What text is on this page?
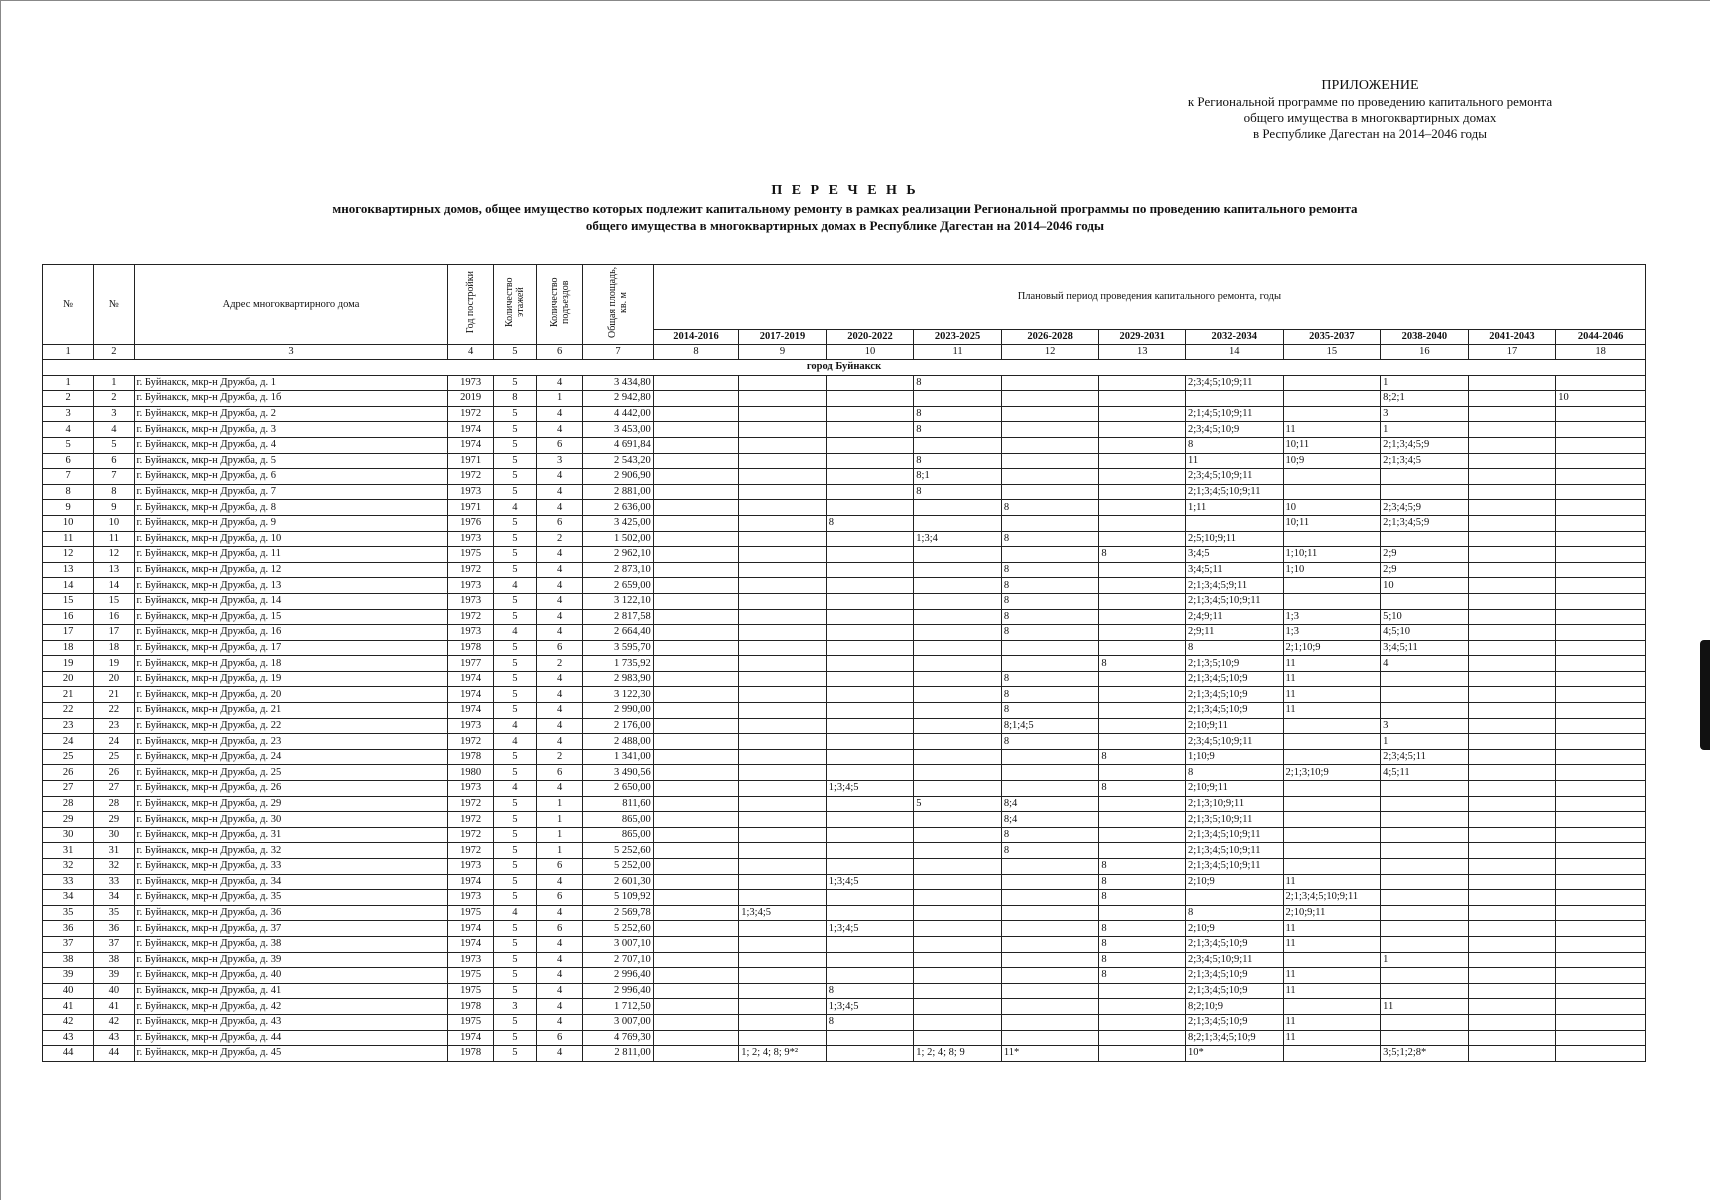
ПРИЛОЖЕНИЕ
к Региональной программе по проведению капитального ремонта
общего имущества в многоквартирных домах
в Республике Дагестан на 2014–2046 годы
П Е Р Е Ч Е Н Ь
многоквартирных домов, общее имущество которых подлежит капитальному ремонту в рамках реализации Региональной программы по проведению капитального ремонта
общего имущества в многоквартирных домах в Республике Дагестан на 2014–2046 годы
№	№	Адрес многоквартирного дома	Год постройки	Количество этажей	Количество подъездов	Общая площадь, кв. м	Плановый период проведения капитального ремонта, годы										
							2014-2016	2017-2019	2020-2022	2023-2025	2026-2028	2029-2031	2032-2034	2035-2037	2038-2040	2041-2043	2044-2046
1	2	3	4	5	6	7	8	9	10	11	12	13	14	15	16	17	18
город Буйнакск																	
1	1	г. Буйнакск, мкр-н Дружба, д. 1	1973	5	4	3 434,80				8			2;3;4;5;10;9;11		1		
2	2	г. Буйнакск, мкр-н Дружба, д. 1б	2019	8	1	2 942,80									8;2;1		10
3	3	г. Буйнакск, мкр-н Дружба, д. 2	1972	5	4	4 442,00				8			2;1;4;5;10;9;11		3		
4	4	г. Буйнакск, мкр-н Дружба, д. 3	1974	5	4	3 453,00				8			2;3;4;5;10;9	11	1		
5	5	г. Буйнакск, мкр-н Дружба, д. 4	1974	5	6	4 691,84							8	10;11	2;1;3;4;5;9		
6	6	г. Буйнакск, мкр-н Дружба, д. 5	1971	5	3	2 543,20				8			11	10;9	2;1;3;4;5		
7	7	г. Буйнакск, мкр-н Дружба, д. 6	1972	5	4	2 906,90				8;1			2;3;4;5;10;9;11				
8	8	г. Буйнакск, мкр-н Дружба, д. 7	1973	5	4	2 881,00				8			2;1;3;4;5;10;9;11				
9	9	г. Буйнакск, мкр-н Дружба, д. 8	1971	4	4	2 636,00					8		1;11	10	2;3;4;5;9		
10	10	г. Буйнакск, мкр-н Дружба, д. 9	1976	5	6	3 425,00			8					10;11	2;1;3;4;5;9		
11	11	г. Буйнакск, мкр-н Дружба, д. 10	1973	5	2	1 502,00				1;3;4	8		2;5;10;9;11				
12	12	г. Буйнакск, мкр-н Дружба, д. 11	1975	5	4	2 962,10						8	3;4;5	1;10;11	2;9		
13	13	г. Буйнакск, мкр-н Дружба, д. 12	1972	5	4	2 873,10					8		3;4;5;11	1;10	2;9		
14	14	г. Буйнакск, мкр-н Дружба, д. 13	1973	4	4	2 659,00					8		2;1;3;4;5;9;11		10		
15	15	г. Буйнакск, мкр-н Дружба, д. 14	1973	5	4	3 122,10					8		2;1;3;4;5;10;9;11				
16	16	г. Буйнакск, мкр-н Дружба, д. 15	1972	5	4	2 817,58					8		2;4;9;11	1;3	5;10		
17	17	г. Буйнакск, мкр-н Дружба, д. 16	1973	4	4	2 664,40					8		2;9;11	1;3	4;5;10		
18	18	г. Буйнакск, мкр-н Дружба, д. 17	1978	5	6	3 595,70							8	2;1;10;9	3;4;5;11		
19	19	г. Буйнакск, мкр-н Дружба, д. 18	1977	5	2	1 735,92						8	2;1;3;5;10;9	11	4		
20	20	г. Буйнакск, мкр-н Дружба, д. 19	1974	5	4	2 983,90					8		2;1;3;4;5;10;9	11			
21	21	г. Буйнакск, мкр-н Дружба, д. 20	1974	5	4	3 122,30					8		2;1;3;4;5;10;9	11			
22	22	г. Буйнакск, мкр-н Дружба, д. 21	1974	5	4	2 990,00					8		2;1;3;4;5;10;9	11			
23	23	г. Буйнакск, мкр-н Дружба, д. 22	1973	4	4	2 176,00					8;1;4;5		2;10;9;11		3		
24	24	г. Буйнакск, мкр-н Дружба, д. 23	1972	4	4	2 488,00					8		2;3;4;5;10;9;11		1		
25	25	г. Буйнакск, мкр-н Дружба, д. 24	1978	5	2	1 341,00						8	1;10;9		2;3;4;5;11		
26	26	г. Буйнакск, мкр-н Дружба, д. 25	1980	5	6	3 490,56							8	2;1;3;10;9	4;5;11		
27	27	г. Буйнакск, мкр-н Дружба, д. 26	1973	4	4	2 650,00			1;3;4;5			8	2;10;9;11				
28	28	г. Буйнакск, мкр-н Дружба, д. 29	1972	5	1	811,60				5	8;4		2;1;3;10;9;11				
29	29	г. Буйнакск, мкр-н Дружба, д. 30	1972	5	1	865,00					8;4		2;1;3;5;10;9;11				
30	30	г. Буйнакск, мкр-н Дружба, д. 31	1972	5	1	865,00					8		2;1;3;4;5;10;9;11				
31	31	г. Буйнакск, мкр-н Дружба, д. 32	1972	5	1	5 252,60					8		2;1;3;4;5;10;9;11				
32	32	г. Буйнакск, мкр-н Дружба, д. 33	1973	5	6	5 252,00						8	2;1;3;4;5;10;9;11				
33	33	г. Буйнакск, мкр-н Дружба, д. 34	1974	5	4	2 601,30			1;3;4;5			8	2;10;9	11			
34	34	г. Буйнакск, мкр-н Дружба, д. 35	1973	5	6	5 109,92						8		2;1;3;4;5;10;9;11			
35	35	г. Буйнакск, мкр-н Дружба, д. 36	1975	4	4	2 569,78		1;3;4;5					8	2;10;9;11			
36	36	г. Буйнакск, мкр-н Дружба, д. 37	1974	5	6	5 252,60			1;3;4;5			8	2;10;9	11			
37	37	г. Буйнакск, мкр-н Дружба, д. 38	1974	5	4	3 007,10						8	2;1;3;4;5;10;9	11			
38	38	г. Буйнакск, мкр-н Дружба, д. 39	1973	5	4	2 707,10						8	2;3;4;5;10;9;11		1		
39	39	г. Буйнакск, мкр-н Дружба, д. 40	1975	5	4	2 996,40						8	2;1;3;4;5;10;9	11			
40	40	г. Буйнакск, мкр-н Дружба, д. 41	1975	5	4	2 996,40			8				2;1;3;4;5;10;9	11			
41	41	г. Буйнакск, мкр-н Дружба, д. 42	1978	3	4	1 712,50			1;3;4;5				8;2;10;9		11		
42	42	г. Буйнакск, мкр-н Дружба, д. 43	1975	5	4	3 007,00			8				2;1;3;4;5;10;9	11			
43	43	г. Буйнакск, мкр-н Дружба, д. 44	1974	5	6	4 769,30							8;2;1;3;4;5;10;9	11			
44	44	г. Буйнакск, мкр-н Дружба, д. 45	1978	5	4	2 811,00		1; 2; 4; 8; 9*²		1; 2; 4; 8; 9	11*		10*		3;5;1;2;8*		
